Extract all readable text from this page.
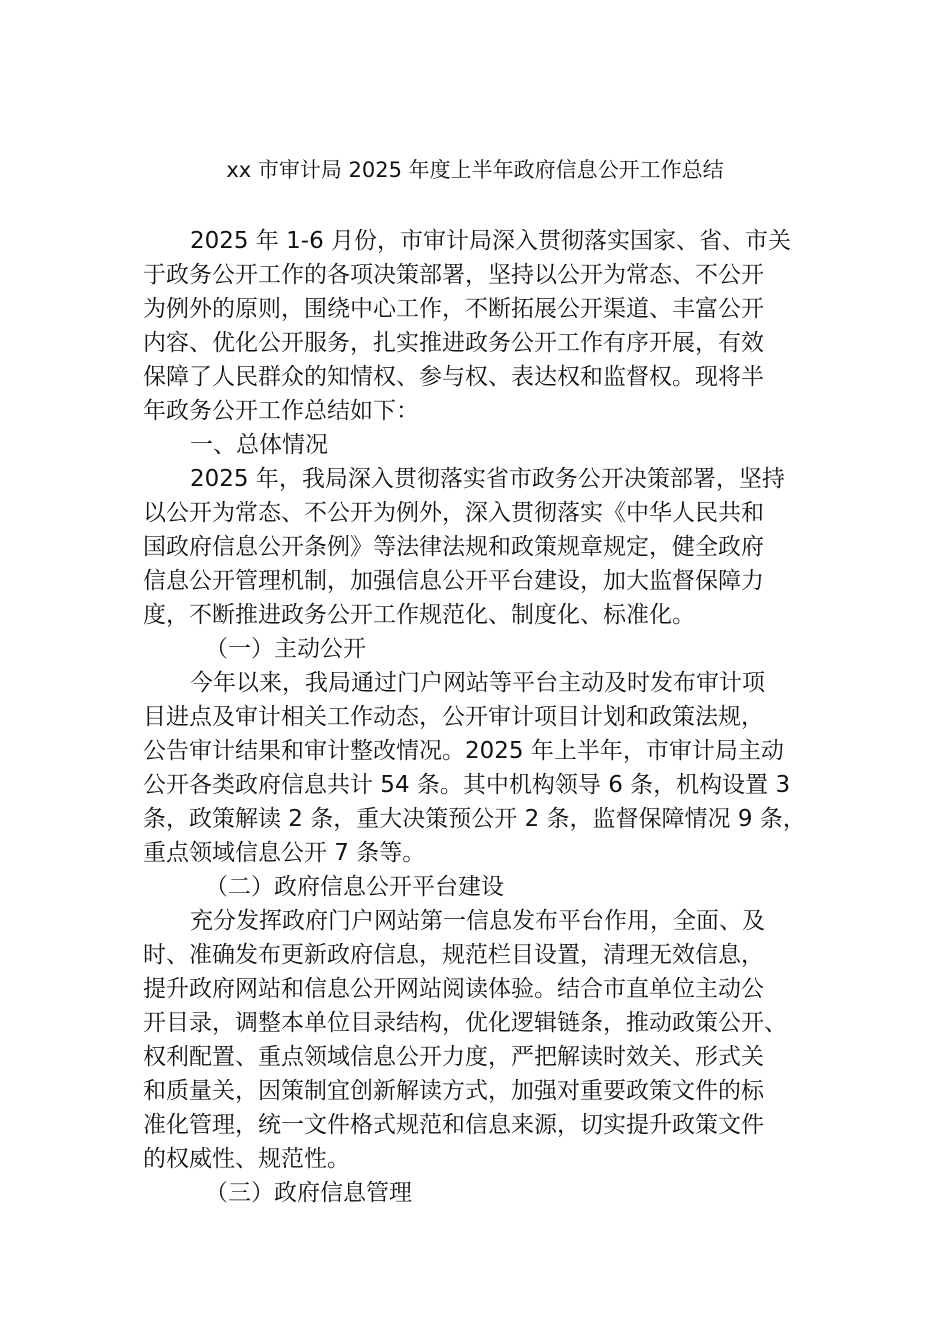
xx 市审计局 2025 年度上半年政府信息公开工作总结
2025 年 1-6 月份，市审计局深入贯彻落实国家、省、市关
于政务公开工作的各项决策部署，坚持以公开为常态、不公开
为例外的原则，围绕中心工作，不断拓展公开渠道、丰富公开
内容、优化公开服务，扎实推进政务公开工作有序开展，有效
保障了人民群众的知情权、参与权、表达权和监督权。现将半
年政务公开工作总结如下：
一、总体情况
2025 年，我局深入贯彻落实省市政务公开决策部署，坚持
以公开为常态、不公开为例外，深入贯彻落实《中华人民共和
国政府信息公开条例》等法律法规和政策规章规定，健全政府
信息公开管理机制，加强信息公开平台建设，加大监督保障力
度，不断推进政务公开工作规范化、制度化、标准化。
（一）主动公开
今年以来，我局通过门户网站等平台主动及时发布审计项
目进点及审计相关工作动态，公开审计项目计划和政策法规，
公告审计结果和审计整改情况。2025 年上半年，市审计局主动
公开各类政府信息共计 54 条。其中机构领导 6 条，机构设置 3
条，政策解读 2 条，重大决策预公开 2 条，监督保障情况 9 条，
重点领域信息公开 7 条等。
（二）政府信息公开平台建设
充分发挥政府门户网站第一信息发布平台作用，全面、及
时、准确发布更新政府信息，规范栏目设置，清理无效信息，
提升政府网站和信息公开网站阅读体验。结合市直单位主动公
开目录，调整本单位目录结构，优化逻辑链条，推动政策公开、
权利配置、重点领域信息公开力度，严把解读时效关、形式关
和质量关，因策制宜创新解读方式，加强对重要政策文件的标
准化管理，统一文件格式规范和信息来源，切实提升政策文件
的权威性、规范性。
（三）政府信息管理
